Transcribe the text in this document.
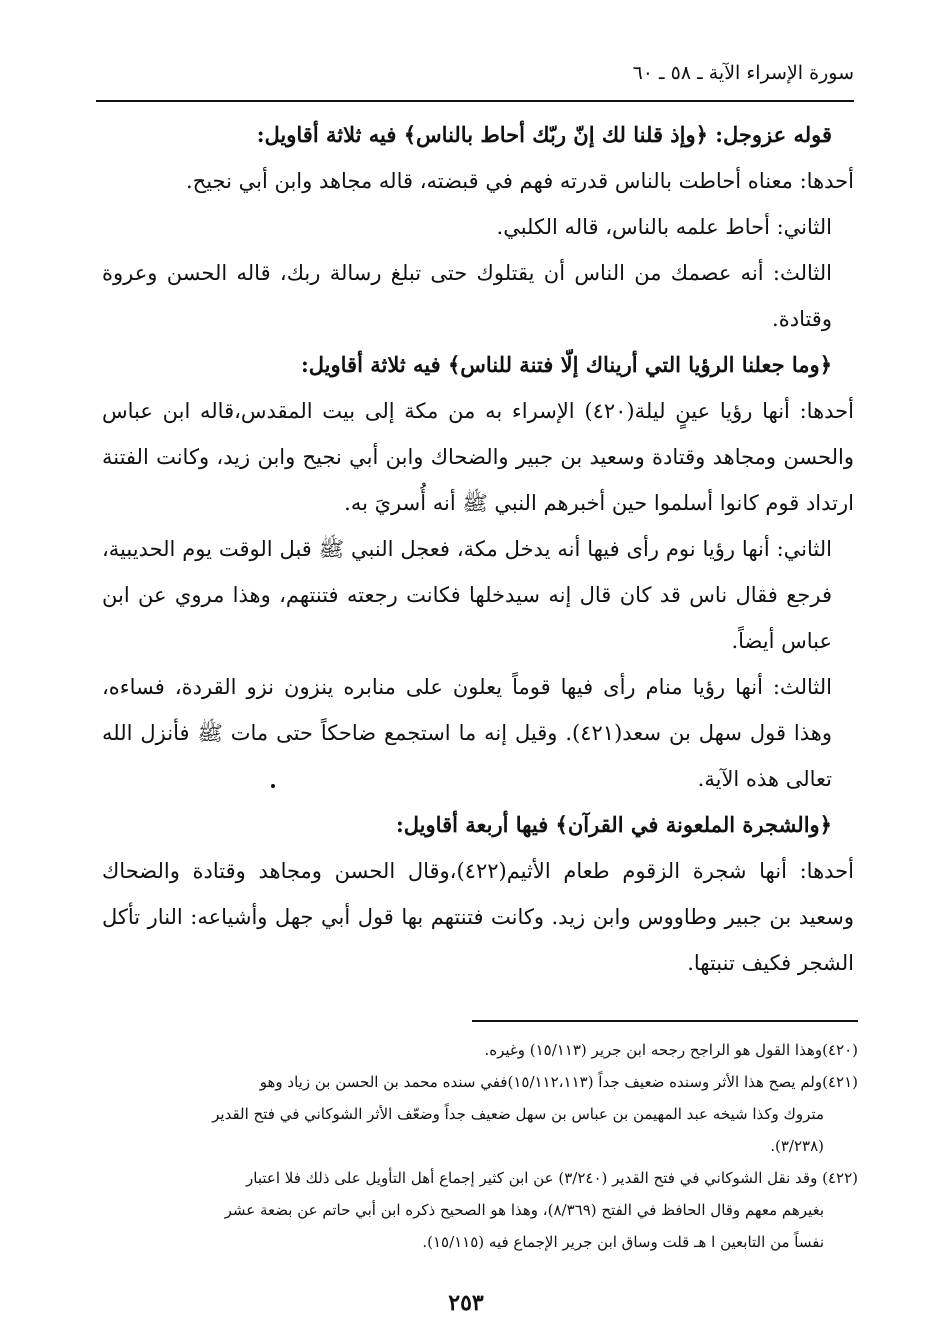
سورة الإسراء الآية ـ ٥٨ ـ ٦٠

قوله عزوجل: ﴿وإذ قلنا لك إنّ ربّك أحاط بالناس﴾ فيه ثلاثة أقاويل:

أحدها: معناه أحاطت بالناس قدرته فهم في قبضته، قاله مجاهد وابن أبي نجيح.

الثاني: أحاط علمه بالناس، قاله الكلبي.

الثالث: أنه عصمك من الناس أن يقتلوك حتى تبلغ رسالة ربك، قاله الحسن وعروة وقتادة.

﴿وما جعلنا الرؤيا التي أريناك إلّا فتنة للناس﴾ فيه ثلاثة أقاويل:

أحدها: أنها رؤيا عينٍ ليلة(٤٢٠) الإسراء به من مكة إلى بيت المقدس،قاله ابن عباس والحسن ومجاهد وقتادة وسعيد بن جبير والضحاك وابن أبي نجيح وابن زيد، وكانت الفتنة ارتداد قوم كانوا أسلموا حين أخبرهم النبي ﷺ أنه أُسريَ به.

الثاني: أنها رؤيا نوم رأى فيها أنه يدخل مكة، فعجل النبي ﷺ قبل الوقت يوم الحديبية، فرجع فقال ناس قد كان قال إنه سيدخلها فكانت رجعته فتنتهم، وهذا مروي عن ابن عباس أيضاً.

الثالث: أنها رؤيا منام رأى فيها قوماً يعلون على منابره ينزون نزو القردة، فساءه، وهذا قول سهل بن سعد(٤٢١). وقيل إنه ما استجمع ضاحكاً حتى مات ﷺ فأنزل الله تعالى هذه الآية.

﴿والشجرة الملعونة في القرآن﴾ فيها أربعة أقاويل:

أحدها: أنها شجرة الزقوم طعام الأثيم(٤٢٢)،وقال الحسن ومجاهد وقتادة والضحاك وسعيد بن جبير وطاووس وابن زيد. وكانت فتنتهم بها قول أبي جهل وأشياعه: النار تأكل الشجر فكيف تنبتها.

(٤٢٠)وهذا القول هو الراجح رجحه ابن جرير (١٥/١١٣) وغيره.

(٤٢١)ولم يصح هذا الأثر وسنده ضعيف جداً (١٥/١١٢،١١٣)ففي سنده محمد بن الحسن بن زياد وهو

متروك وكذا شيخه عبد المهيمن بن عباس بن سهل ضعيف جداً وضعّف الأثر الشوكاني في فتح القدير

(٣/٢٣٨).

(٤٢٢) وقد نقل الشوكاني في فتح القدير (٣/٢٤٠) عن ابن كثير إجماع أهل التأويل على ذلك فلا اعتبار

بغيرهم معهم وقال الحافظ في الفتح (٨/٣٦٩)، وهذا هو الصحيح ذكره ابن أبي حاتم عن بضعة عشر

نفساً من التابعين ا هـ قلت وساق ابن جرير الإجماع فيه (١٥/١١٥).

٢٥٣
